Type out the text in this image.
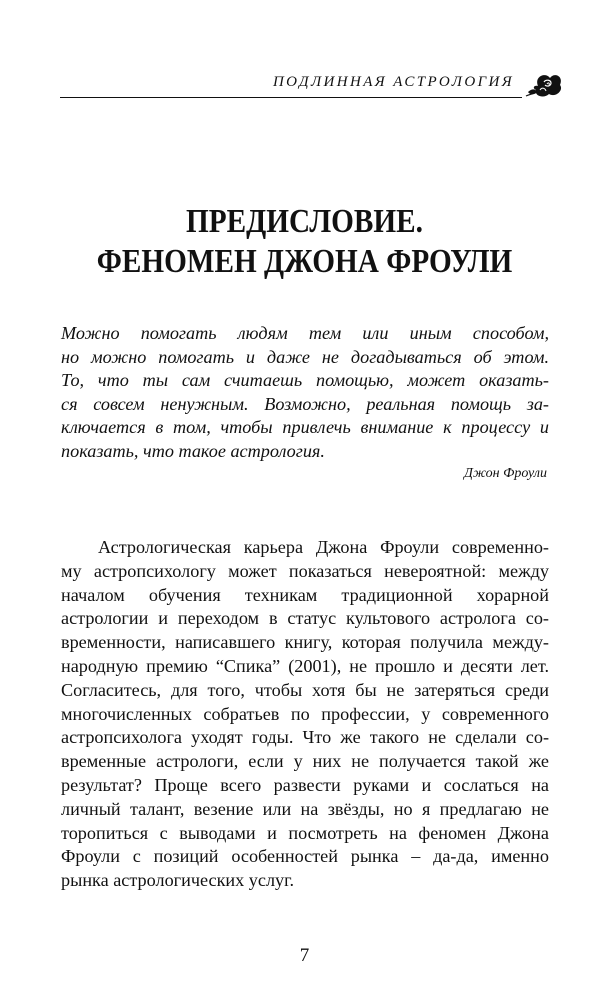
ПОДЛИННАЯ АСТРОЛОГИЯ
ПРЕДИСЛОВИЕ.
ФЕНОМЕН ДЖОНА ФРОУЛИ
Можно помогать людям тем или иным способом,
но можно помогать и даже не догадываться об этом.
То, что ты сам считаешь помощью, может оказать-
ся совсем ненужным. Возможно, реальная помощь за-
ключается в том, чтобы привлечь внимание к процессу и
показать, что такое астрология.
Джон Фроули
Астрологическая карьера Джона Фроули современно-
му астропсихологу может показаться невероятной: между
началом обучения техникам традиционной хорарной
астрологии и переходом в статус культового астролога со-
временности, написавшего книгу, которая получила между-
народную премию “Спика” (2001), не прошло и десяти лет.
Согласитесь, для того, чтобы хотя бы не затеряться среди
многочисленных собратьев по профессии, у современного
астропсихолога уходят годы. Что же такого не сделали со-
временные астрологи, если у них не получается такой же
результат? Проще всего развести руками и сослаться на
личный талант, везение или на звёзды, но я предлагаю не
торопиться с выводами и посмотреть на феномен Джона
Фроули с позиций особенностей рынка – да-да, именно
рынка астрологических услуг.
7
